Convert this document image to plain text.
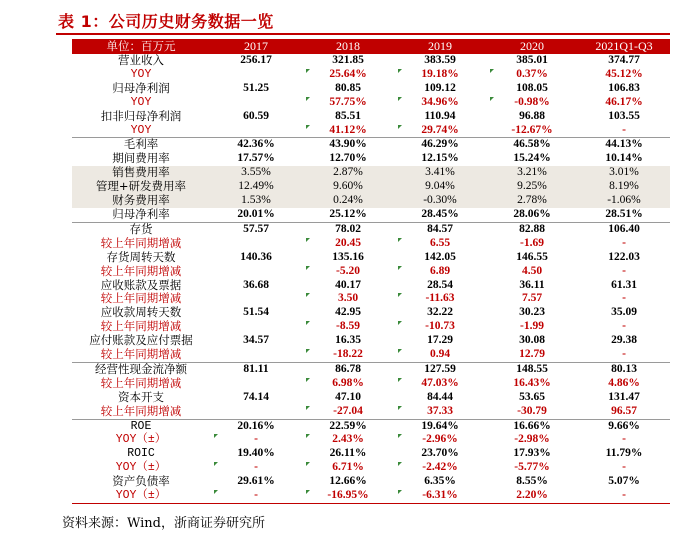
表 1：公司历史财务数据一览
单位：百万元	2017	2018	2019	2020	2021Q1-Q3
营业收入	256.17	321.85	383.59	385.01	374.77
YOY		25.64%	19.18%	0.37%	45.12%
归母净利润	51.25	80.85	109.12	108.05	106.83
YOY		57.75%	34.96%	-0.98%	46.17%
扣非归母净利润	60.59	85.51	110.94	96.88	103.55
YOY		41.12%	29.74%	-12.67%	-
毛利率	42.36%	43.90%	46.29%	46.58%	44.13%
期间费用率	17.57%	12.70%	12.15%	15.24%	10.14%
销售费用率	3.55%	2.87%	3.41%	3.21%	3.01%
管理+研发费用率	12.49%	9.60%	9.04%	9.25%	8.19%
财务费用率	1.53%	0.24%	-0.30%	2.78%	-1.06%
归母净利率	20.01%	25.12%	28.45%	28.06%	28.51%
存货	57.57	78.02	84.57	82.88	106.40
较上年同期增减		20.45	6.55	-1.69	-
存货周转天数	140.36	135.16	142.05	146.55	122.03
较上年同期增减		-5.20	6.89	4.50	-
应收账款及票据	36.68	40.17	28.54	36.11	61.31
较上年同期增减		3.50	-11.63	7.57	-
应收款周转天数	51.54	42.95	32.22	30.23	35.09
较上年同期增减		-8.59	-10.73	-1.99	-
应付账款及应付票据	34.57	16.35	17.29	30.08	29.38
较上年同期增减		-18.22	0.94	12.79	-
经营性现金流净额	81.11	86.78	127.59	148.55	80.13
较上年同期增减		6.98%	47.03%	16.43%	4.86%
资本开支	74.14	47.10	84.44	53.65	131.47
较上年同期增减		-27.04	37.33	-30.79	96.57
ROE	20.16%	22.59%	19.64%	16.66%	9.66%
YOY（±）	-	2.43%	-2.96%	-2.98%	-
ROIC	19.40%	26.11%	23.70%	17.93%	11.79%
YOY（±）	-	6.71%	-2.42%	-5.77%	-
资产负债率	29.61%	12.66%	6.35%	8.55%	5.07%
YOY（±）	-	-16.95%	-6.31%	2.20%	-
资料来源：Wind，浙商证券研究所
